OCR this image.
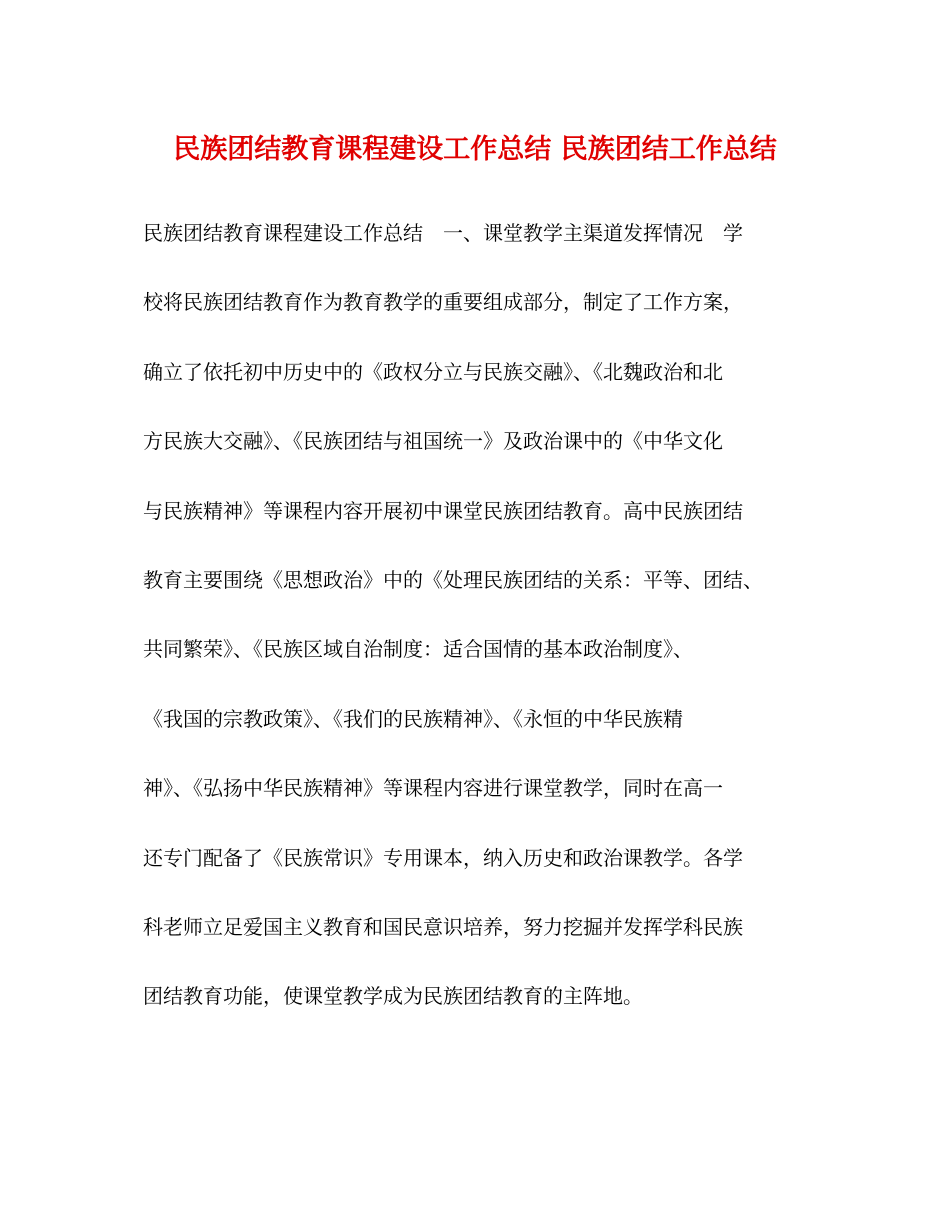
民族团结教育课程建设工作总结 民族团结工作总结
民族团结教育课程建设工作总结　一、课堂教学主渠道发挥情况　学
校将民族团结教育作为教育教学的重要组成部分，制定了工作方案，
确立了依托初中历史中的《政权分立与民族交融》、《北魏政治和北
方民族大交融》、《民族团结与祖国统一》及政治课中的《中华文化
与民族精神》等课程内容开展初中课堂民族团结教育。高中民族团结
教育主要围绕《思想政治》中的《处理民族团结的关系：平等、团结、
共同繁荣》、《民族区域自治制度：适合国情的基本政治制度》、
《我国的宗教政策》、《我们的民族精神》、《永恒的中华民族精
神》、《弘扬中华民族精神》等课程内容进行课堂教学，同时在高一
还专门配备了《民族常识》专用课本，纳入历史和政治课教学。各学
科老师立足爱国主义教育和国民意识培养，努力挖掘并发挥学科民族
团结教育功能，使课堂教学成为民族团结教育的主阵地。
